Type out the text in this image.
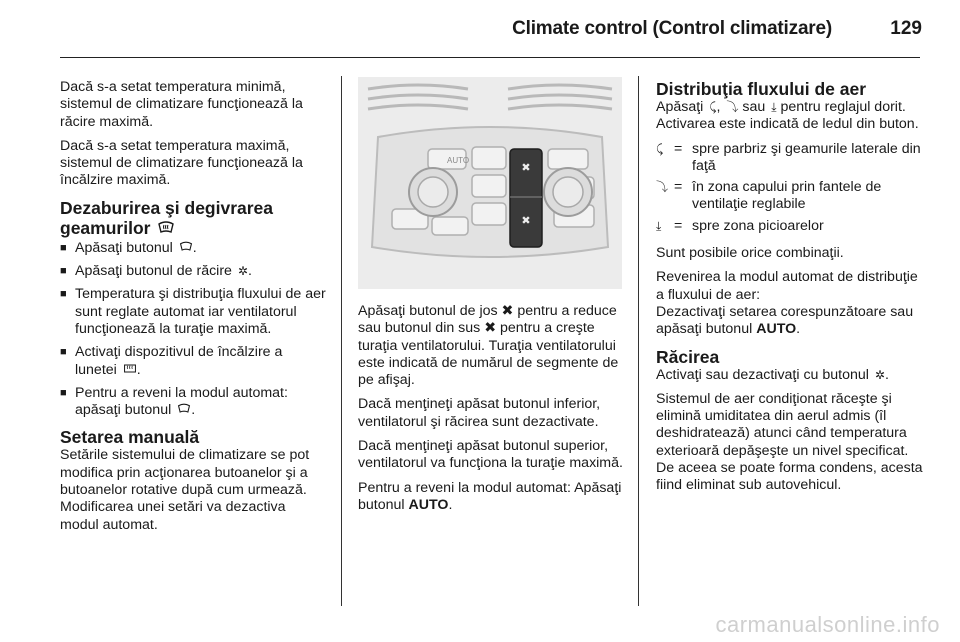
Climate control (Control climatizare)	129

Dacă s-a setat temperatura minimă, sistemul de climatizare funcţionează la răcire maximă.

Dacă s-a setat temperatura maximă, sistemul de climatizare funcţionează la încălzire maximă.

Dezaburirea şi degivrarea geamurilor
■ Apăsaţi butonul .
■ Apăsaţi butonul de răcire ✲.
■ Temperatura şi distribuţia fluxului de aer sunt reglate automat iar ventilatorul funcţionează la turaţie maximă.
■ Activaţi dispozitivul de încălzire a lunetei .
■ Pentru a reveni la modul automat: apăsaţi butonul .
Setarea manuală

Setările sistemului de climatizare se pot modifica prin acţionarea butoanelor şi a butoanelor rotative după cum urmează. Modificarea unei setări va dezactiva modul automat.

✖
✖
AUTO

Apăsaţi butonul de jos ✖ pentru a reduce sau butonul din sus ✖ pentru a creşte turaţia ventilatorului. Turaţia ventilatorului este indicată de numărul de segmente de pe afişaj.

Dacă menţineţi apăsat butonul inferior, ventilatorul şi răcirea sunt dezactivate.

Dacă menţineţi apăsat butonul superior, ventilatorul va funcţiona la turaţie maximă.

Pentru a reveni la modul automat: Apăsaţi butonul AUTO.

Distribuţia fluxului de aer

Apăsaţi ⤹, ⤵ sau ⤓ pentru reglajul dorit. Activarea este indicată de ledul din buton.

⤹ = spre parbriz şi geamurile laterale din faţă
⤵ = în zona capului prin fantele de ventilaţie reglabile
⤓ = spre zona picioarelor

Sunt posibile orice combinaţii.

Revenirea la modul automat de distribuţie a fluxului de aer:

Dezactivaţi setarea corespunzătoare sau apăsaţi butonul AUTO.

Răcirea

Activaţi sau dezactivaţi cu butonul ✲.

Sistemul de aer condiţionat răceşte şi elimină umiditatea din aerul admis (îl deshidratează) atunci când temperatura exterioară depăşeşte un nivel specificat. De aceea se poate forma condens, acesta fiind eliminat sub autovehicul.

carmanualsonline.info
